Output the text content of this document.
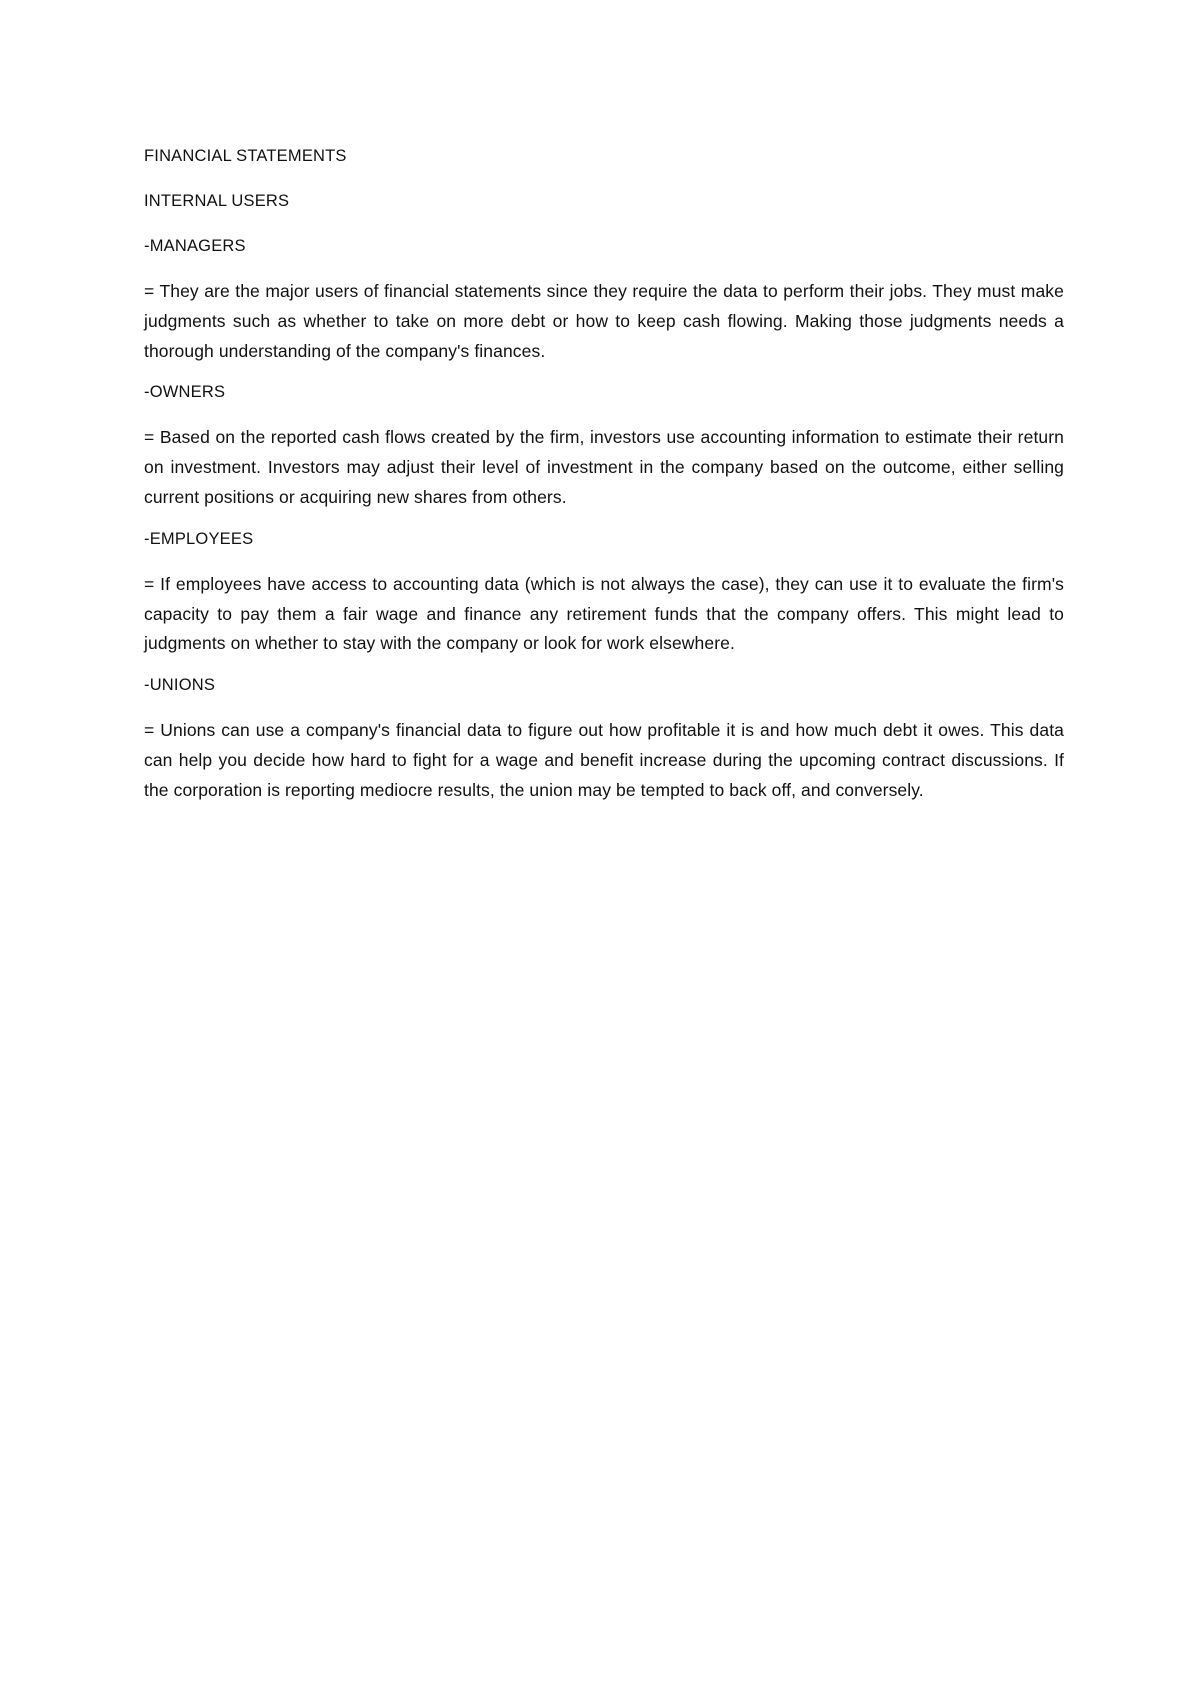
FINANCIAL STATEMENTS
INTERNAL USERS
-MANAGERS

= They are the major users of financial statements since they require the data to perform their jobs. They must make judgments such as whether to take on more debt or how to keep cash flowing. Making those judgments needs a thorough understanding of the company's finances.

-OWNERS

= Based on the reported cash flows created by the firm, investors use accounting information to estimate their return on investment. Investors may adjust their level of investment in the company based on the outcome, either selling current positions or acquiring new shares from others.

-EMPLOYEES

= If employees have access to accounting data (which is not always the case), they can use it to evaluate the firm's capacity to pay them a fair wage and finance any retirement funds that the company offers. This might lead to judgments on whether to stay with the company or look for work elsewhere.

-UNIONS

= Unions can use a company's financial data to figure out how profitable it is and how much debt it owes. This data can help you decide how hard to fight for a wage and benefit increase during the upcoming contract discussions. If the corporation is reporting mediocre results, the union may be tempted to back off, and conversely.
